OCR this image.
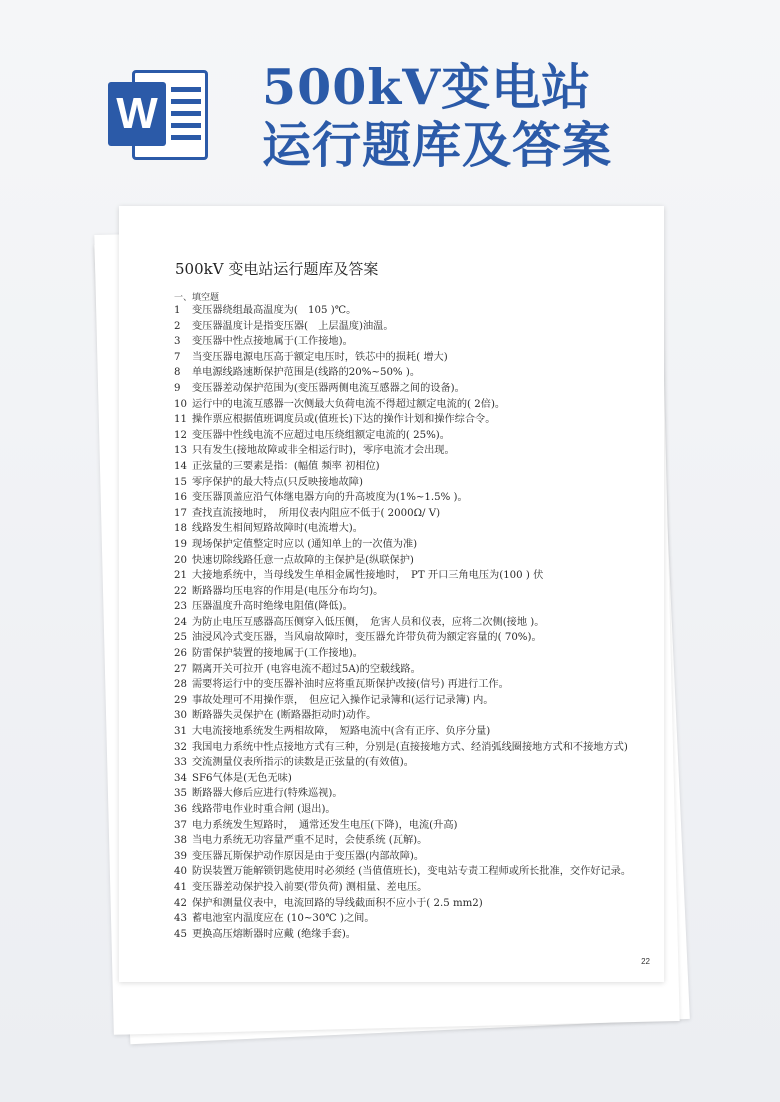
W 500kV变电站
运行题库及答案
500kV 变电站运行题库及答案
一、填空题
1	变压器绕组最高温度为(　105 )℃。
2	变压器温度计是指变压器(　上层温度)油温。
3	变压器中性点接地属于(工作接地)。
7	当变压器电源电压高于额定电压时，铁芯中的损耗( 增大)
8	单电源线路速断保护范围是(线路的20%~50% )。
9	变压器差动保护范围为(变压器两侧电流互感器之间的设备)。
10 运行中的电流互感器一次侧最大负荷电流不得超过额定电流的( 2倍)。
11 操作票应根据值班调度员或(值班长)下达的操作计划和操作综合令。
12 变压器中性线电流不应超过电压绕组额定电流的( 25%)。
13 只有发生(接地故障或非全相运行时)，零序电流才会出现。
14 正弦量的三要素是指：(幅值 频率 初相位)
15 零序保护的最大特点(只反映接地故障)
16 变压器顶盖应沿气体继电器方向的升高坡度为(1%~1.5% )。
17 查找直流接地时，　所用仪表内阻应不低于( 2000Ω/ V)
18 线路发生相间短路故障时(电流增大)。
19 现场保护定值整定时应以 (通知单上的一次值为准)
20 快速切除线路任意一点故障的主保护是(纵联保护)
21 大接地系统中，当母线发生单相金属性接地时，　PT 开口三角电压为(100 ) 伏
22 断路器均压电容的作用是(电压分布均匀)。
23 压器温度升高时绝缘电阻值(降低)。
24 为防止电压互感器高压侧穿入低压侧，　危害人员和仪表，应将二次侧(接地 )。
25 油浸风冷式变压器，当风扇故障时，变压器允许带负荷为额定容量的( 70%)。
26 防雷保护装置的接地属于(工作接地)。
27 隔离开关可拉开 (电容电流不超过5A)的空载线路。
28 需要将运行中的变压器补油时应将重瓦斯保护改接(信号) 再进行工作。
29 事故处理可不用操作票，　但应记入操作记录簿和(运行记录簿) 内。
30 断路器失灵保护在 (断路器拒动时)动作。
31 大电流接地系统发生两相故障，　短路电流中(含有正序、负序分量)
32 我国电力系统中性点接地方式有三种，分别是(直接接地方式、经消弧线圈接地方式和不接地方式)
33 交流测量仪表所指示的读数是正弦量的(有效值)。
34 SF6气体是(无色无味)
35 断路器大修后应进行(特殊巡视)。
36 线路带电作业时重合闸 (退出)。
37 电力系统发生短路时，　通常还发生电压(下降)，电流(升高)
38 当电力系统无功容量严重不足时，会使系统 (瓦解)。
39 变压器瓦斯保护动作原因是由于变压器(内部故障)。
40 防误装置万能解锁钥匙使用时必须经 (当值值班长)，变电站专责工程师或所长批准，交作好记录。
41 变压器差动保护投入前要(带负荷) 测相量、差电压。
42 保护和测量仪表中，电流回路的导线截面积不应小于( 2.5 mm2)
43 蓄电池室内温度应在 (10~30℃ )之间。
45 更换高压熔断器时应戴 (绝缘手套)。
22
